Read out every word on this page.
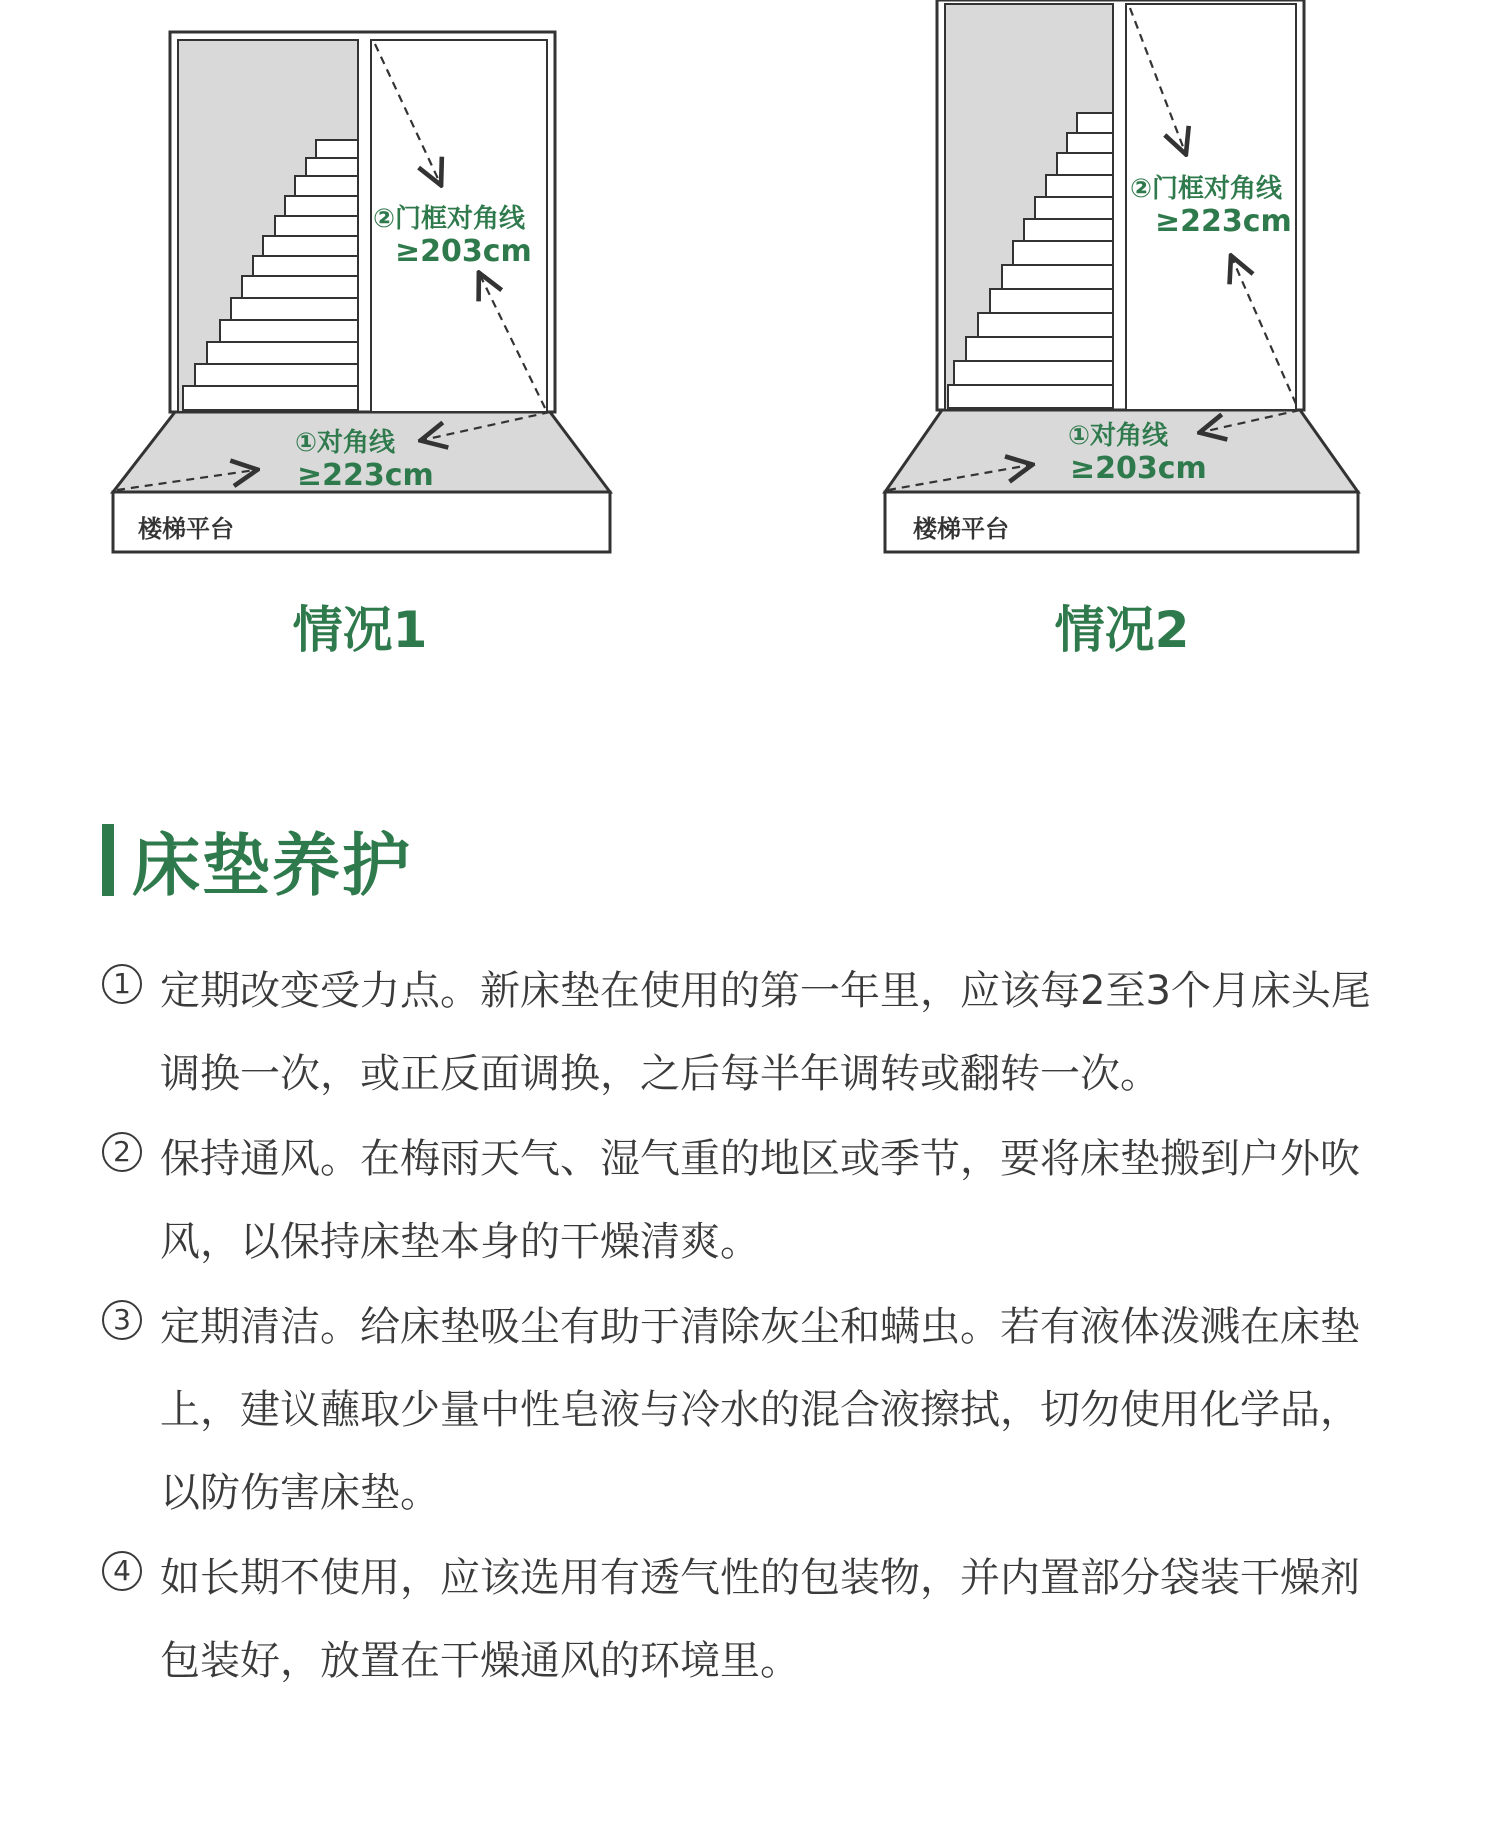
②门框对角线
≥203cm
①对角线
≥223cm
楼梯平台
②门框对角线
≥223cm
①对角线
≥203cm
楼梯平台
情况1	情况2
床垫养护
1 定期改变受力点。新床垫在使用的第一年里，应该每2至3个月床头尾调换一次，或正反面调换，之后每半年调转或翻转一次。
2 保持通风。在梅雨天气、湿气重的地区或季节，要将床垫搬到户外吹风，以保持床垫本身的干燥清爽。
3 定期清洁。给床垫吸尘有助于清除灰尘和螨虫。若有液体泼溅在床垫上，建议蘸取少量中性皂液与冷水的混合液擦拭，切勿使用化学品，以防伤害床垫。
4 如长期不使用，应该选用有透气性的包装物，并内置部分袋装干燥剂包装好，放置在干燥通风的环境里。
